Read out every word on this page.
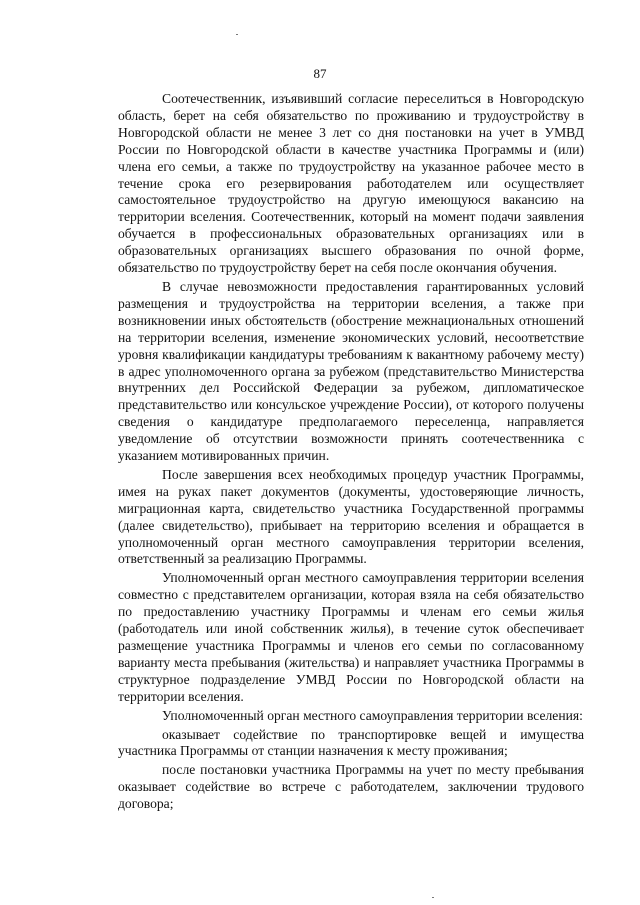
87

Соотечественник, изъявивший согласие переселиться в Новгородскую область, берет на себя обязательство по проживанию и трудоустройству в Новгородской области не менее 3 лет со дня постановки на учет в УМВД России по Новгородской области в качестве участника Программы и (или) члена его семьи, а также по трудоустройству на указанное рабочее место в течение срока его резервирования работодателем или осуществляет самостоятельное трудоустройство на другую имеющуюся вакансию на территории вселения. Соотечественник, который на момент подачи заявления обучается в профессиональных образовательных организациях или в образовательных организациях высшего образования по очной форме, обязательство по трудоустройству берет на себя после окончания обучения.

В случае невозможности предоставления гарантированных условий размещения и трудоустройства на территории вселения, а также при возникновении иных обстоятельств (обострение межнациональных отношений на территории вселения, изменение экономических условий, несоответствие уровня квалификации кандидатуры требованиям к вакантному рабочему месту) в адрес уполномоченного органа за рубежом (представительство Министерства внутренних дел Российской Федерации за рубежом, дипломатическое представительство или консульское учреждение России), от которого получены сведения о кандидатуре предполагаемого переселенца, направляется уведомление об отсутствии возможности принять соотечественника с указанием мотивированных причин.

После завершения всех необходимых процедур участник Программы, имея на руках пакет документов (документы, удостоверяющие личность, миграционная карта, свидетельство участника Государственной программы (далее свидетельство), прибывает на территорию вселения и обращается в уполномоченный орган местного самоуправления территории вселения, ответственный за реализацию Программы.

Уполномоченный орган местного самоуправления территории вселения совместно с представителем организации, которая взяла на себя обязательство по предоставлению участнику Программы и членам его семьи жилья (работодатель или иной собственник жилья), в течение суток обеспечивает размещение участника Программы и членов его семьи по согласованному варианту места пребывания (жительства) и направляет участника Программы в структурное подразделение УМВД России по Новгородской области на территории вселения.

Уполномоченный орган местного самоуправления территории вселения:

оказывает содействие по транспортировке вещей и имущества участника Программы от станции назначения к месту проживания;

после постановки участника Программы на учет по месту пребывания оказывает содействие во встрече с работодателем, заключении трудового договора;
